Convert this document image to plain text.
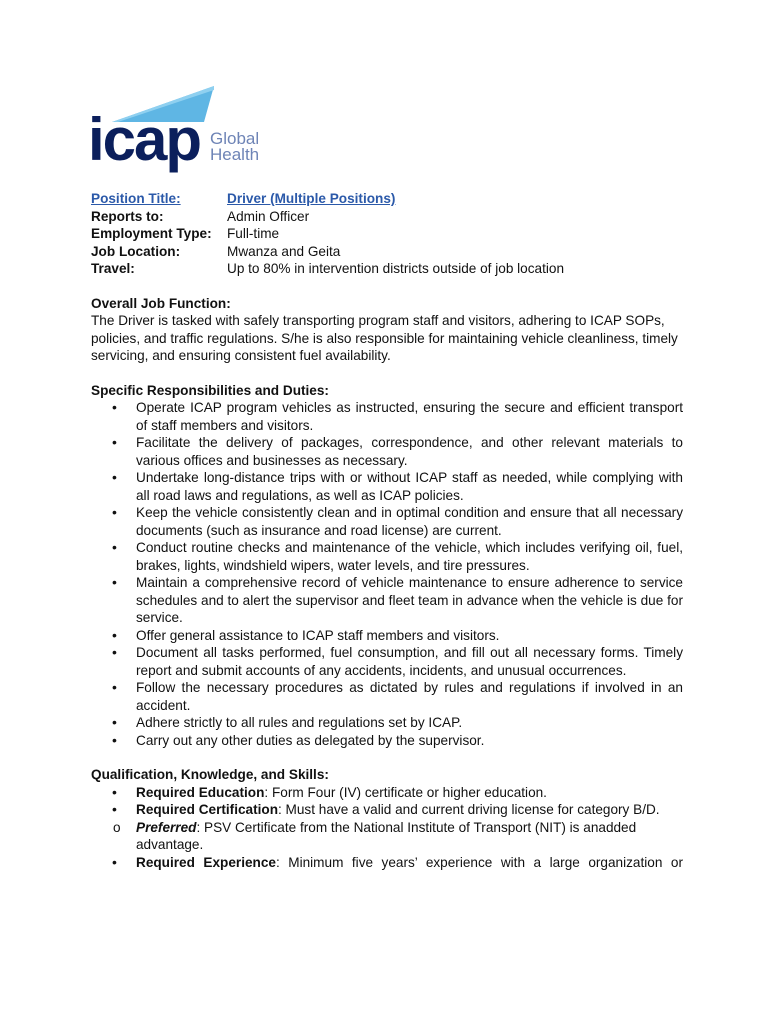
icap Global
Health
Position Title:	Driver (Multiple Positions)
Reports to:	Admin Officer
Employment Type:	Full-time
Job Location:	Mwanza and Geita
Travel:	Up to 80% in intervention districts outside of job location
Overall Job Function:

The Driver is tasked with safely transporting program staff and visitors, adhering to ICAP SOPs, policies, and traffic regulations. S/he is also responsible for maintaining vehicle cleanliness, timely servicing, and ensuring consistent fuel availability.

Specific Responsibilities and Duties:
• Operate ICAP program vehicles as instructed, ensuring the secure and efficient transport of staff members and visitors.
• Facilitate the delivery of packages, correspondence, and other relevant materials to various offices and businesses as necessary.
• Undertake long-distance trips with or without ICAP staff as needed, while complying with all road laws and regulations, as well as ICAP policies.
• Keep the vehicle consistently clean and in optimal condition and ensure that all necessary documents (such as insurance and road license) are current.
• Conduct routine checks and maintenance of the vehicle, which includes verifying oil, fuel, brakes, lights, windshield wipers, water levels, and tire pressures.
• Maintain a comprehensive record of vehicle maintenance to ensure adherence to service schedules and to alert the supervisor and fleet team in advance when the vehicle is due for service.
• Offer general assistance to ICAP staff members and visitors.
• Document all tasks performed, fuel consumption, and fill out all necessary forms. Timely report and submit accounts of any accidents, incidents, and unusual occurrences.
• Follow the necessary procedures as dictated by rules and regulations if involved in an accident.
• Adhere strictly to all rules and regulations set by ICAP.
• Carry out any other duties as delegated by the supervisor.
Qualification, Knowledge, and Skills:
• Required Education: Form Four (IV) certificate or higher education.
• Required Certification: Must have a valid and current driving license for category B/D.
o Preferred: PSV Certificate from the National Institute of Transport (NIT) is anadded advantage.
• Required Experience: Minimum five years’ experience with a large organization or
